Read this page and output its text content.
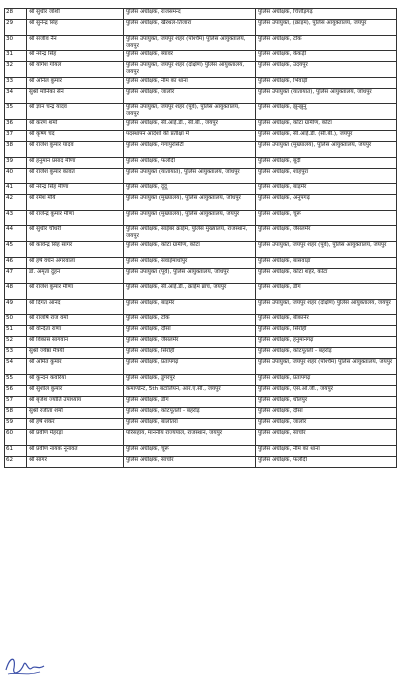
28	श्री सुधीर जोशी	पुलिस अधीक्षक, राजसमन्द	पुलिस अधीक्षक, चित्तौड़गढ़
29	श्री सुनेन्द्र सिंह	पुलिस अधीक्षक, खैरथल-तिजारा	पुलिस उपायुक्त, (क्राइम), पुलिस आयुक्तालय, जयपुर
30	श्री संजीव नैन	पुलिस उपायुक्त, जयपुर शहर (पश्चिम) पुलिस आयुक्तालय, जयपुर	पुलिस अधीक्षक, टोंक
31	श्री नरेन्द्र सिंह	पुलिस अधीक्षक, ब्यावर	पुलिस अधीक्षक, केकड़ी
32	श्री योगेश गोयल	पुलिस उपायुक्त, जयपुर शहर (दक्षिण) पुलिस आयुक्तालय, जयपुर	पुलिस अधीक्षक, उदयपुर
33	श्री अनिल कुमार	पुलिस अधीक्षक, नीम का थाना	पुलिस अधीक्षक, भिवाड़ी
34	सुश्री मोनिका सेन	पुलिस अधीक्षक, जालोर	पुलिस उपायुक्त (यातायात), पुलिस आयुक्तालय, जोधपुर
35	श्री ज्ञान चन्द्र यादव	पुलिस उपायुक्त, जयपुर शहर (पूर्व), पुलिस आयुक्तालय, जयपुर	पुलिस अधीक्षक, झुन्झुनू
36	श्री करण शर्मा	पुलिस अधीक्षक, सी.आई.डी., सी.बी., जयपुर	पुलिस अधीक्षक, कोटा ग्रामीण, कोटा
37	श्री कृष्ण चंद	पदस्थापन आदेशों की प्रतीक्षा में	पुलिस अधीक्षक, सी.आई.डी. (सी.बी.), जयपुर
38	श्री राजेश कुमार यादव	पुलिस अधीक्षक, गंगापुरसिटी	पुलिस उपायुक्त (मुख्यालय), पुलिस आयुक्तालय, जयपुर
39	श्री हनुमान प्रसाद मीणा	पुलिस अधीक्षक, फलौदी	पुलिस अधीक्षक, बूंदी
40	श्री राजेश कुमार कांवत	पुलिस उपायुक्त (यातायात), पुलिस आयुक्तालय, जोधपुर	पुलिस अधीक्षक, शाहपुरा
41	श्री नरेन्द्र सिंह मीणा	पुलिस अधीक्षक, दूदू	पुलिस अधीक्षक, बाड़मेर
42	श्री रमेश मौर्य	पुलिस उपायुक्त (मुख्यालय), पुलिस आयुक्तालय, जोधपुर	पुलिस अधीक्षक, अनूपगढ़
43	श्री राजेन्द्र कुमार मीणा	पुलिस उपायुक्त (मुख्यालय), पुलिस आयुक्तालय, जयपुर	पुलिस अधीक्षक, चूरू
44	श्री सुधीर चौधरी	पुलिस अधीक्षक, साईबर क्राईम, पुलिस मुख्यालय, राजस्थान, जयपुर	पुलिस अधीक्षक, जैसलमेर
45	श्री कावेन्द्र सिंह सागर	पुलिस अधीक्षक, कोटा ग्रामीण, कोटा	पुलिस उपायुक्त, जयपुर शहर (पूर्व), पुलिस आयुक्तालय, जयपुर
46	श्री हर्ष वर्धन अगरवाला	पुलिस अधीक्षक, सवाईमाधोपुर	पुलिस अधीक्षक, बांसवाड़ा
47	डॉ. अमृता दुहन	पुलिस उपायुक्त (पूर्व), पुलिस आयुक्तालय, जोधपुर	पुलिस अधीक्षक, कोटा शहर, कोटा
48	श्री राजेश कुमार मीणा	पुलिस अधीक्षक, सी.आई.डी., क्राईम ब्रांच, जयपुर	पुलिस अधीक्षक, डीग
49	श्री दिगंत आनंद	पुलिस अधीक्षक, बाड़मेर	पुलिस उपायुक्त, जयपुर शहर (दक्षिण) पुलिस आयुक्तालय, जयपुर
50	श्री राजर्षि राज वर्मा	पुलिस अधीक्षक, टोंक	पुलिस अधीक्षक, बीकानेर
51	श्री वन्दिता राणा	पुलिस अधीक्षक, दौसा	पुलिस अधीक्षक, सिरोही
52	श्री विकास सांगवान	पुलिस अधीक्षक, जैसलमेर	पुलिस अधीक्षक, हनुमानगढ़
53	सुश्री ज्येष्ठा मैत्रयी	पुलिस अधीक्षक, सिरोही	पुलिस अधीक्षक, कोटपूतली - बहरोड़
54	श्री अमित कुमार	पुलिस अधीक्षक, प्रतापगढ़	पुलिस उपायुक्त, जयपुर शहर (पश्चिम) पुलिस आयुक्तालय, जयपुर
55	श्री कुन्दन कंवरिया	पुलिस अधीक्षक, डूंगरपुर	पुलिस अधीक्षक, प्रतापगढ़
56	श्री सुशील कुमार	कमाण्डेन्ट, 5th बटालियन, आर.ए.सी., जयपुर	पुलिस अधीक्षक, एस.ओ.जी., जयपुर
57	श्री बृजेश ज्योति उपाध्याय	पुलिस अधीक्षक, डीग	पुलिस अधीक्षक, धौलपुर
58	सुश्री रंजीता शर्मा	पुलिस अधीक्षक, कोटपूतली - बहरोड़	पुलिस अधीक्षक, दौसा
59	श्री हर्ष शंकर	पुलिस अधीक्षक, बालोतरा	पुलिस अधीक्षक, जालोर
60	श्री प्रवीण मेहरड़ा	परिसहाय, माननीय राज्यपाल, राजस्थान, जयपुर	पुलिस अधीक्षक, सांचोर
61	श्री प्रवीण नायक नूनावत	पुलिस अधीक्षक, चूरू	पुलिस अधीक्षक, नीम का थाना
62	श्री सागर	पुलिस अधीक्षक, सांचोर	पुलिस अधीक्षक, फलौदी
